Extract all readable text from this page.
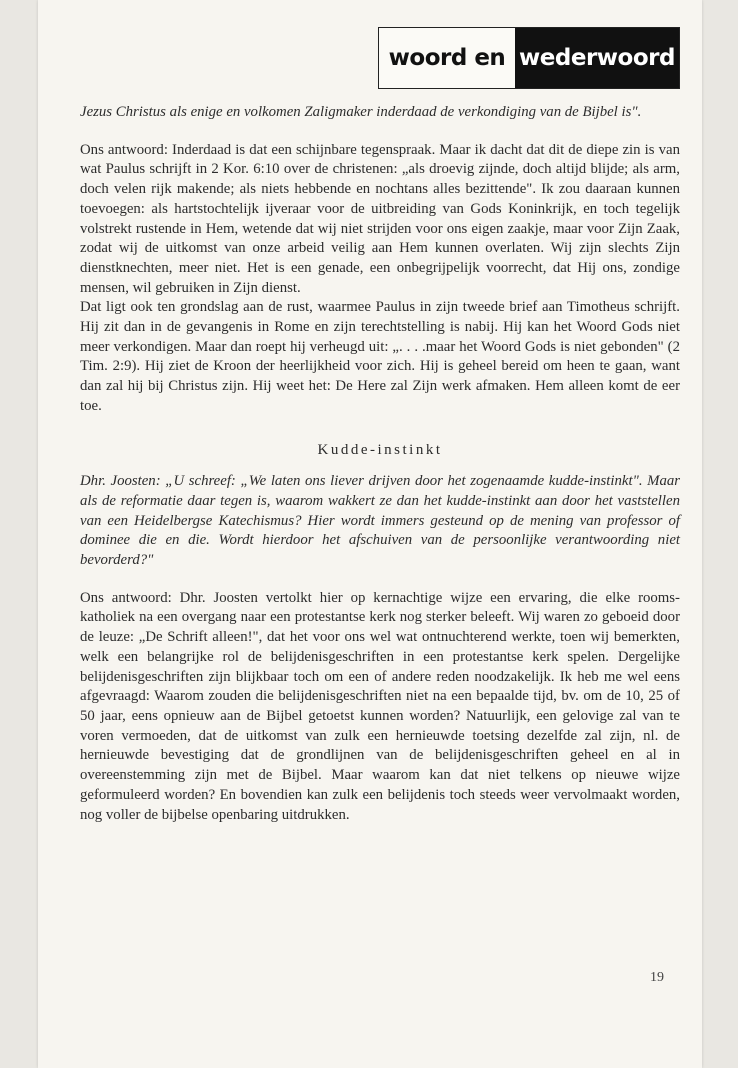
woord en wederwoord

Jezus Christus als enige en volkomen Zaligmaker inderdaad de verkondiging van de Bijbel is".

Ons antwoord: Inderdaad is dat een schijnbare tegenspraak. Maar ik dacht dat dit de diepe zin is van wat Paulus schrijft in 2 Kor. 6:10 over de christenen: „als droevig zijnde, doch altijd blijde; als arm, doch velen rijk makende; als niets hebbende en nochtans alles bezittende". Ik zou daaraan kunnen toevoegen: als hartstochtelijk ijveraar voor de uitbreiding van Gods Koninkrijk, en toch tegelijk volstrekt rustende in Hem, wetende dat wij niet strijden voor ons eigen zaakje, maar voor Zijn Zaak, zodat wij de uitkomst van onze arbeid veilig aan Hem kunnen overlaten. Wij zijn slechts Zijn dienstknechten, meer niet. Het is een genade, een onbegrijpelijk voorrecht, dat Hij ons, zondige mensen, wil gebruiken in Zijn dienst.

Dat ligt ook ten grondslag aan de rust, waarmee Paulus in zijn tweede brief aan Timotheus schrijft. Hij zit dan in de gevangenis in Rome en zijn terechtstelling is nabij. Hij kan het Woord Gods niet meer verkondigen. Maar dan roept hij verheugd uit: „. . . .maar het Woord Gods is niet gebonden" (2 Tim. 2:9). Hij ziet de Kroon der heerlijkheid voor zich. Hij is geheel bereid om heen te gaan, want dan zal hij bij Christus zijn. Hij weet het: De Here zal Zijn werk afmaken. Hem alleen komt de eer toe.

Kudde-instinkt

Dhr. Joosten: „U schreef: „We laten ons liever drijven door het zogenaamde kudde-instinkt". Maar als de reformatie daar tegen is, waarom wakkert ze dan het kudde-instinkt aan door het vaststellen van een Heidelbergse Katechismus? Hier wordt immers gesteund op de mening van professor of dominee die en die. Wordt hierdoor het afschuiven van de persoonlijke verantwoording niet bevorderd?"

Ons antwoord: Dhr. Joosten vertolkt hier op kernachtige wijze een ervaring, die elke rooms-katholiek na een overgang naar een protestantse kerk nog sterker beleeft. Wij waren zo geboeid door de leuze: „De Schrift alleen!", dat het voor ons wel wat ontnuchterend werkte, toen wij bemerkten, welk een belangrijke rol de belijdenisgeschriften in een protestantse kerk spelen. Dergelijke belijdenisgeschriften zijn blijkbaar toch om een of andere reden noodzakelijk. Ik heb me wel eens afgevraagd: Waarom zouden die belijdenisgeschriften niet na een bepaalde tijd, bv. om de 10, 25 of 50 jaar, eens opnieuw aan de Bijbel getoetst kunnen worden? Natuurlijk, een gelovige zal van te voren vermoeden, dat de uitkomst van zulk een hernieuwde toetsing dezelfde zal zijn, nl. de hernieuwde bevestiging dat de grondlijnen van de belijdenisgeschriften geheel en al in overeenstemming zijn met de Bijbel. Maar waarom kan dat niet telkens op nieuwe wijze geformuleerd worden? En bovendien kan zulk een belijdenis toch steeds weer vervolmaakt worden, nog voller de bijbelse openbaring uitdrukken.

19
